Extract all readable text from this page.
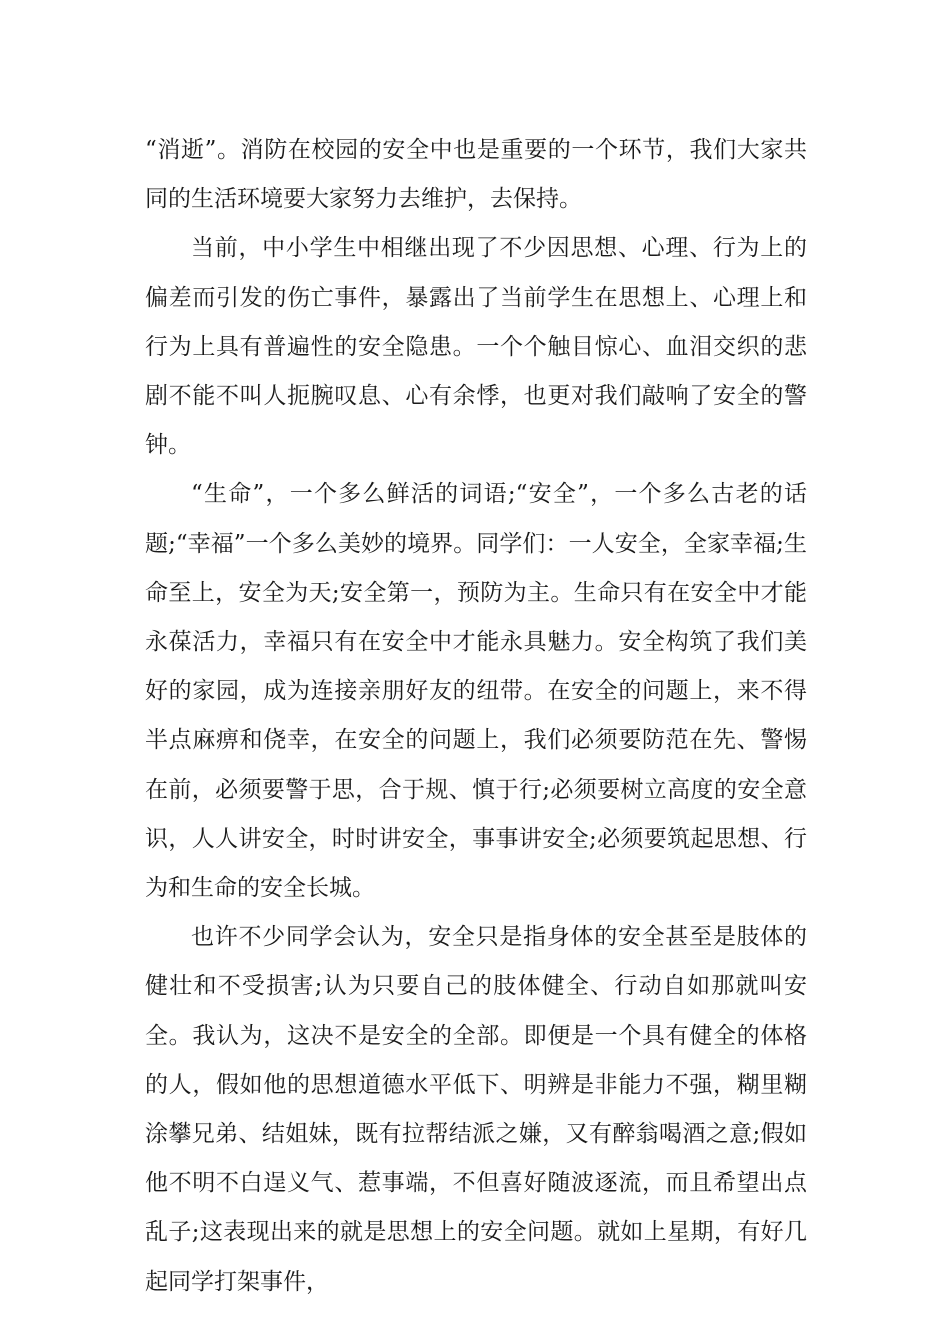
“消逝”。消防在校园的安全中也是重要的一个环节，我们大家共同的生活环境要大家努力去维护，去保持。

当前，中小学生中相继出现了不少因思想、心理、行为上的偏差而引发的伤亡事件，暴露出了当前学生在思想上、心理上和行为上具有普遍性的安全隐患。一个个触目惊心、血泪交织的悲剧不能不叫人扼腕叹息、心有余悸，也更对我们敲响了安全的警钟。

“生命”，一个多么鲜活的词语;“安全”，一个多么古老的话题;“幸福”一个多么美妙的境界。同学们：一人安全，全家幸福;生命至上，安全为天;安全第一，预防为主。生命只有在安全中才能永葆活力，幸福只有在安全中才能永具魅力。安全构筑了我们美好的家园，成为连接亲朋好友的纽带。在安全的问题上，来不得半点麻痹和侥幸，在安全的问题上，我们必须要防范在先、警惕在前，必须要警于思，合于规、慎于行;必须要树立高度的安全意识，人人讲安全，时时讲安全，事事讲安全;必须要筑起思想、行为和生命的安全长城。

也许不少同学会认为，安全只是指身体的安全甚至是肢体的健壮和不受损害;认为只要自己的肢体健全、行动自如那就叫安全。我认为，这决不是安全的全部。即便是一个具有健全的体格的人，假如他的思想道德水平低下、明辨是非能力不强，糊里糊涂攀兄弟、结姐妹，既有拉帮结派之嫌，又有醉翁喝酒之意;假如他不明不白逞义气、惹事端，不但喜好随波逐流，而且希望出点乱子;这表现出来的就是思想上的安全问题。就如上星期，有好几起同学打架事件，
